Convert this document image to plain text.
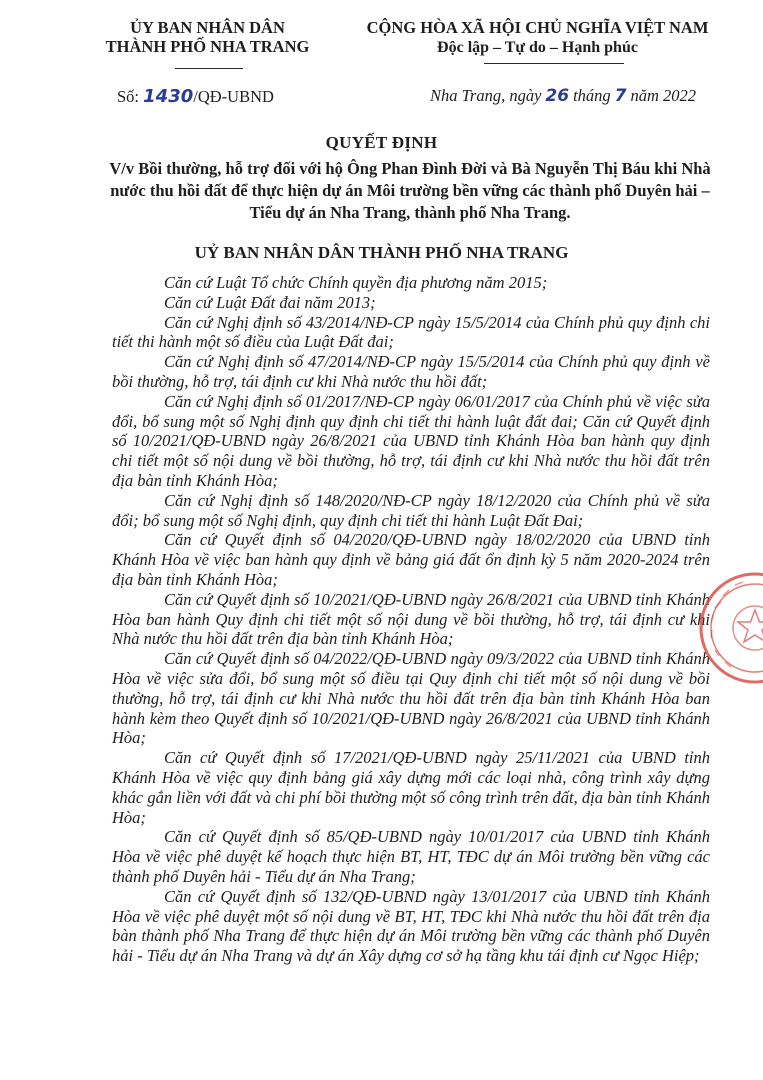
ỦY BAN NHÂN DÂN
THÀNH PHỐ NHA TRANG
CỘNG HÒA XÃ HỘI CHỦ NGHĨA VIỆT NAM
Độc lập – Tự do – Hạnh phúc
Số: 1430/QĐ-UBND	Nha Trang, ngày 26 tháng 7 năm 2022
QUYẾT ĐỊNH
V/v Bồi thường, hỗ trợ đối với hộ Ông Phan Đình Đời và Bà Nguyễn Thị Báu khi Nhà nước thu hồi đất để thực hiện dự án Môi trường bền vững các thành phố Duyên hải – Tiểu dự án Nha Trang, thành phố Nha Trang.
UỶ BAN NHÂN DÂN THÀNH PHỐ NHA TRANG

Căn cứ Luật Tổ chức Chính quyền địa phương năm 2015;

Căn cứ Luật Đất đai năm 2013;

Căn cứ Nghị định số 43/2014/NĐ-CP ngày 15/5/2014 của Chính phủ quy định chi tiết thi hành một số điều của Luật Đất đai;

Căn cứ Nghị định số 47/2014/NĐ-CP ngày 15/5/2014 của Chính phủ quy định về bồi thường, hỗ trợ, tái định cư khi Nhà nước thu hồi đất;

Căn cứ Nghị định số 01/2017/NĐ-CP ngày 06/01/2017 của Chính phủ về việc sửa đổi, bổ sung một số Nghị định quy định chi tiết thi hành luật đất đai; Căn cứ Quyết định số 10/2021/QĐ-UBND ngày 26/8/2021 của UBND tỉnh Khánh Hòa ban hành quy định chi tiết một số nội dung về bồi thường, hỗ trợ, tái định cư khi Nhà nước thu hồi đất trên địa bàn tỉnh Khánh Hòa;

Căn cứ Nghị định số 148/2020/NĐ-CP ngày 18/12/2020 của Chính phủ về sửa đổi; bổ sung một số Nghị định, quy định chi tiết thi hành Luật Đất Đai;

Căn cứ Quyết định số 04/2020/QĐ-UBND ngày 18/02/2020 của UBND tỉnh Khánh Hòa về việc ban hành quy định về bảng giá đất ổn định kỳ 5 năm 2020-2024 trên địa bàn tỉnh Khánh Hòa;

Căn cứ Quyết định số 10/2021/QĐ-UBND ngày 26/8/2021 của UBND tỉnh Khánh Hòa ban hành Quy định chi tiết một số nội dung về bồi thường, hỗ trợ, tái định cư khi Nhà nước thu hồi đất trên địa bàn tỉnh Khánh Hòa;

Căn cứ Quyết định số 04/2022/QĐ-UBND ngày 09/3/2022 của UBND tỉnh Khánh Hòa về việc sửa đổi, bổ sung một số điều tại Quy định chi tiết một số nội dung về bồi thường, hỗ trợ, tái định cư khi Nhà nước thu hồi đất trên địa bàn tỉnh Khánh Hòa ban hành kèm theo Quyết định số 10/2021/QĐ-UBND ngày 26/8/2021 của UBND tỉnh Khánh Hòa;

Căn cứ Quyết định số 17/2021/QĐ-UBND ngày 25/11/2021 của UBND tỉnh Khánh Hòa về việc quy định bảng giá xây dựng mới các loại nhà, công trình xây dựng khác gắn liền với đất và chi phí bồi thường một số công trình trên đất, địa bàn tỉnh Khánh Hòa;

Căn cứ Quyết định số 85/QĐ-UBND ngày 10/01/2017 của UBND tỉnh Khánh Hòa về việc phê duyệt kế hoạch thực hiện BT, HT, TĐC dự án Môi trường bền vững các thành phố Duyên hải - Tiểu dự án Nha Trang;

Căn cứ Quyết định số 132/QĐ-UBND ngày 13/01/2017 của UBND tỉnh Khánh Hòa về việc phê duyệt một số nội dung về BT, HT, TĐC khi Nhà nước thu hồi đất trên địa bàn thành phố Nha Trang để thực hiện dự án Môi trường bền vững các thành phố Duyên hải - Tiểu dự án Nha Trang và dự án Xây dựng cơ sở hạ tầng khu tái định cư Ngọc Hiệp;
